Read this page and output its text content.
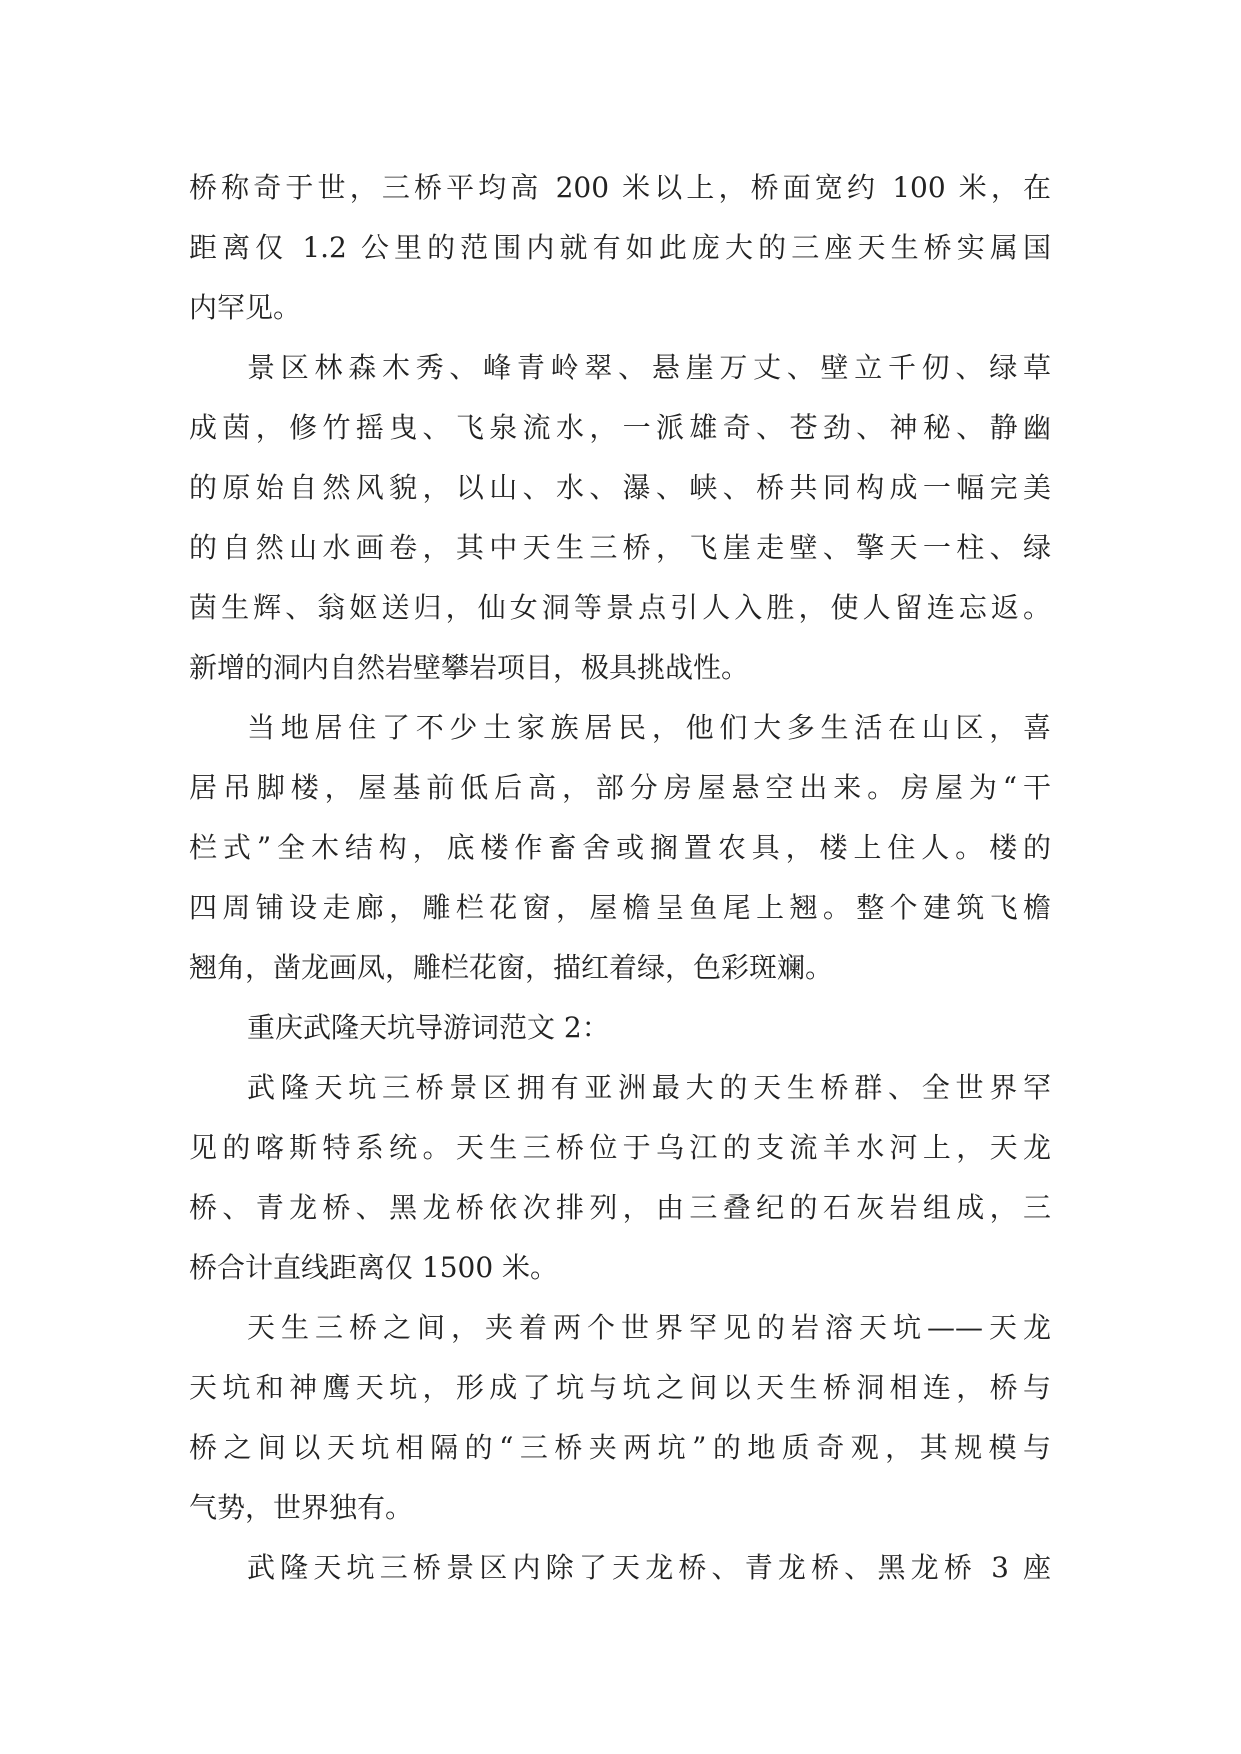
桥称奇于世，三桥平均高 200 米以上，桥面宽约 100 米，在
距离仅 1.2 公里的范围内就有如此庞大的三座天生桥实属国
内罕见。
景区林森木秀、峰青岭翠、悬崖万丈、壁立千仞、绿草
成茵，修竹摇曳、飞泉流水，一派雄奇、苍劲、神秘、静幽
的原始自然风貌，以山、水、瀑、峡、桥共同构成一幅完美
的自然山水画卷，其中天生三桥，飞崖走壁、擎天一柱、绿
茵生辉、翁妪送归，仙女洞等景点引人入胜，使人留连忘返。
新增的洞内自然岩壁攀岩项目，极具挑战性。
当地居住了不少土家族居民，他们大多生活在山区，喜
居吊脚楼，屋基前低后高，部分房屋悬空出来。房屋为“干
栏式”全木结构，底楼作畜舍或搁置农具，楼上住人。楼的
四周铺设走廊，雕栏花窗，屋檐呈鱼尾上翘。整个建筑飞檐
翘角，凿龙画凤，雕栏花窗，描红着绿，色彩斑斓。
重庆武隆天坑导游词范文 2：
武隆天坑三桥景区拥有亚洲最大的天生桥群、全世界罕
见的喀斯特系统。天生三桥位于乌江的支流羊水河上，天龙
桥、青龙桥、黑龙桥依次排列，由三叠纪的石灰岩组成，三
桥合计直线距离仅 1500 米。
天生三桥之间，夹着两个世界罕见的岩溶天坑——天龙
天坑和神鹰天坑，形成了坑与坑之间以天生桥洞相连，桥与
桥之间以天坑相隔的“三桥夹两坑”的地质奇观，其规模与
气势，世界独有。
武隆天坑三桥景区内除了天龙桥、青龙桥、黑龙桥 3 座
